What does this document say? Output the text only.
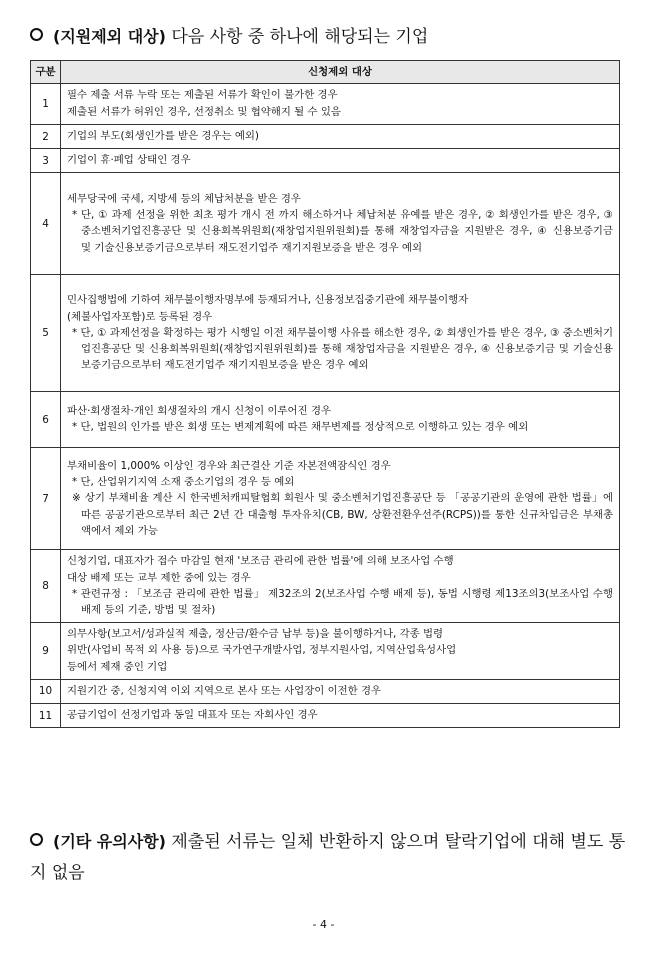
(지원제외 대상) 다음 사항 중 하나에 해당되는 기업
구분	신청제외 대상
1	필수 제출 서류 누락 또는 제출된 서류가 확인이 불가한 경우
제출된 서류가 허위인 경우, 선정취소 및 협약해지 될 수 있음

2	기업의 부도(회생인가를 받은 경우는 예외)

3	기업이 휴·폐업 상태인 경우

4	세무당국에 국세, 지방세 등의 체납처분을 받은 경우
* 단, ① 과제 선정을 위한 최초 평가 개시 전 까지 해소하거나 체납처분 유예를 받은 경우, ② 회생인가를 받은 경우, ③ 중소벤처기업진흥공단 및 신용회복위원회(재창업지원위원회)를 통해 재창업자금을 지원받은 경우, ④ 신용보증기금 및 기술신용보증기금으로부터 재도전기업주 재기지원보증을 받은 경우 예외

5	민사집행법에 기하여 채무불이행자명부에 등재되거나, 신용정보집중기관에 채무불이행자
(체불사업자포함)로 등록된 경우
* 단, ① 과제선정을 확정하는 평가 시행일 이전 채무불이행 사유를 해소한 경우, ② 회생인가를 받은 경우, ③ 중소벤처기업진흥공단 및 신용회복위원회(재창업지원위원회)를 통해 재창업자금을 지원받은 경우, ④ 신용보증기금 및 기술신용보증기금으로부터 재도전기업주 재기지원보증을 받은 경우 예외

6	파산·회생절차·개인 회생절차의 개시 신청이 이루어진 경우
* 단, 법원의 인가를 받은 회생 또는 변제계획에 따른 채무변제를 정상적으로 이행하고 있는 경우 예외

7	부채비율이 1,000% 이상인 경우와 최근결산 기준 자본전액잠식인 경우
* 단, 산업위기지역 소재 중소기업의 경우 등 예외
※ 상기 부채비율 계산 시 한국벤처캐피탈협회 회원사 및 중소벤처기업진흥공단 등 「공공기관의 운영에 관한 법률」에 따른 공공기관으로부터 최근 2년 간 대출형 투자유치(CB, BW, 상환전환우선주(RCPS))를 통한 신규차입금은 부채총액에서 제외 가능

8	신청기업, 대표자가 접수 마감일 현재 '보조금 관리에 관한 법률'에 의해 보조사업 수행
대상 배제 또는 교부 제한 중에 있는 경우
* 관련규정 : 「보조금 관리에 관한 법률」 제32조의 2(보조사업 수행 배제 등), 동법 시행령 제13조의3(보조사업 수행 배제 등의 기준, 방법 및 절차)

9	의무사항(보고서/성과실적 제출, 정산금/환수금 납부 등)을 불이행하거나, 각종 법령
위반(사업비 목적 외 사용 등)으로 국가연구개발사업, 정부지원사업, 지역산업육성사업
등에서 제재 중인 기업

10	지원기간 중, 신청지역 이외 지역으로 본사 또는 사업장이 이전한 경우

11	공급기업이 선정기업과 동일 대표자 또는 자회사인 경우
(기타 유의사항) 제출된 서류는 일체 반환하지 않으며 탈락기업에 대해 별도 통지 없음
- 4 -
